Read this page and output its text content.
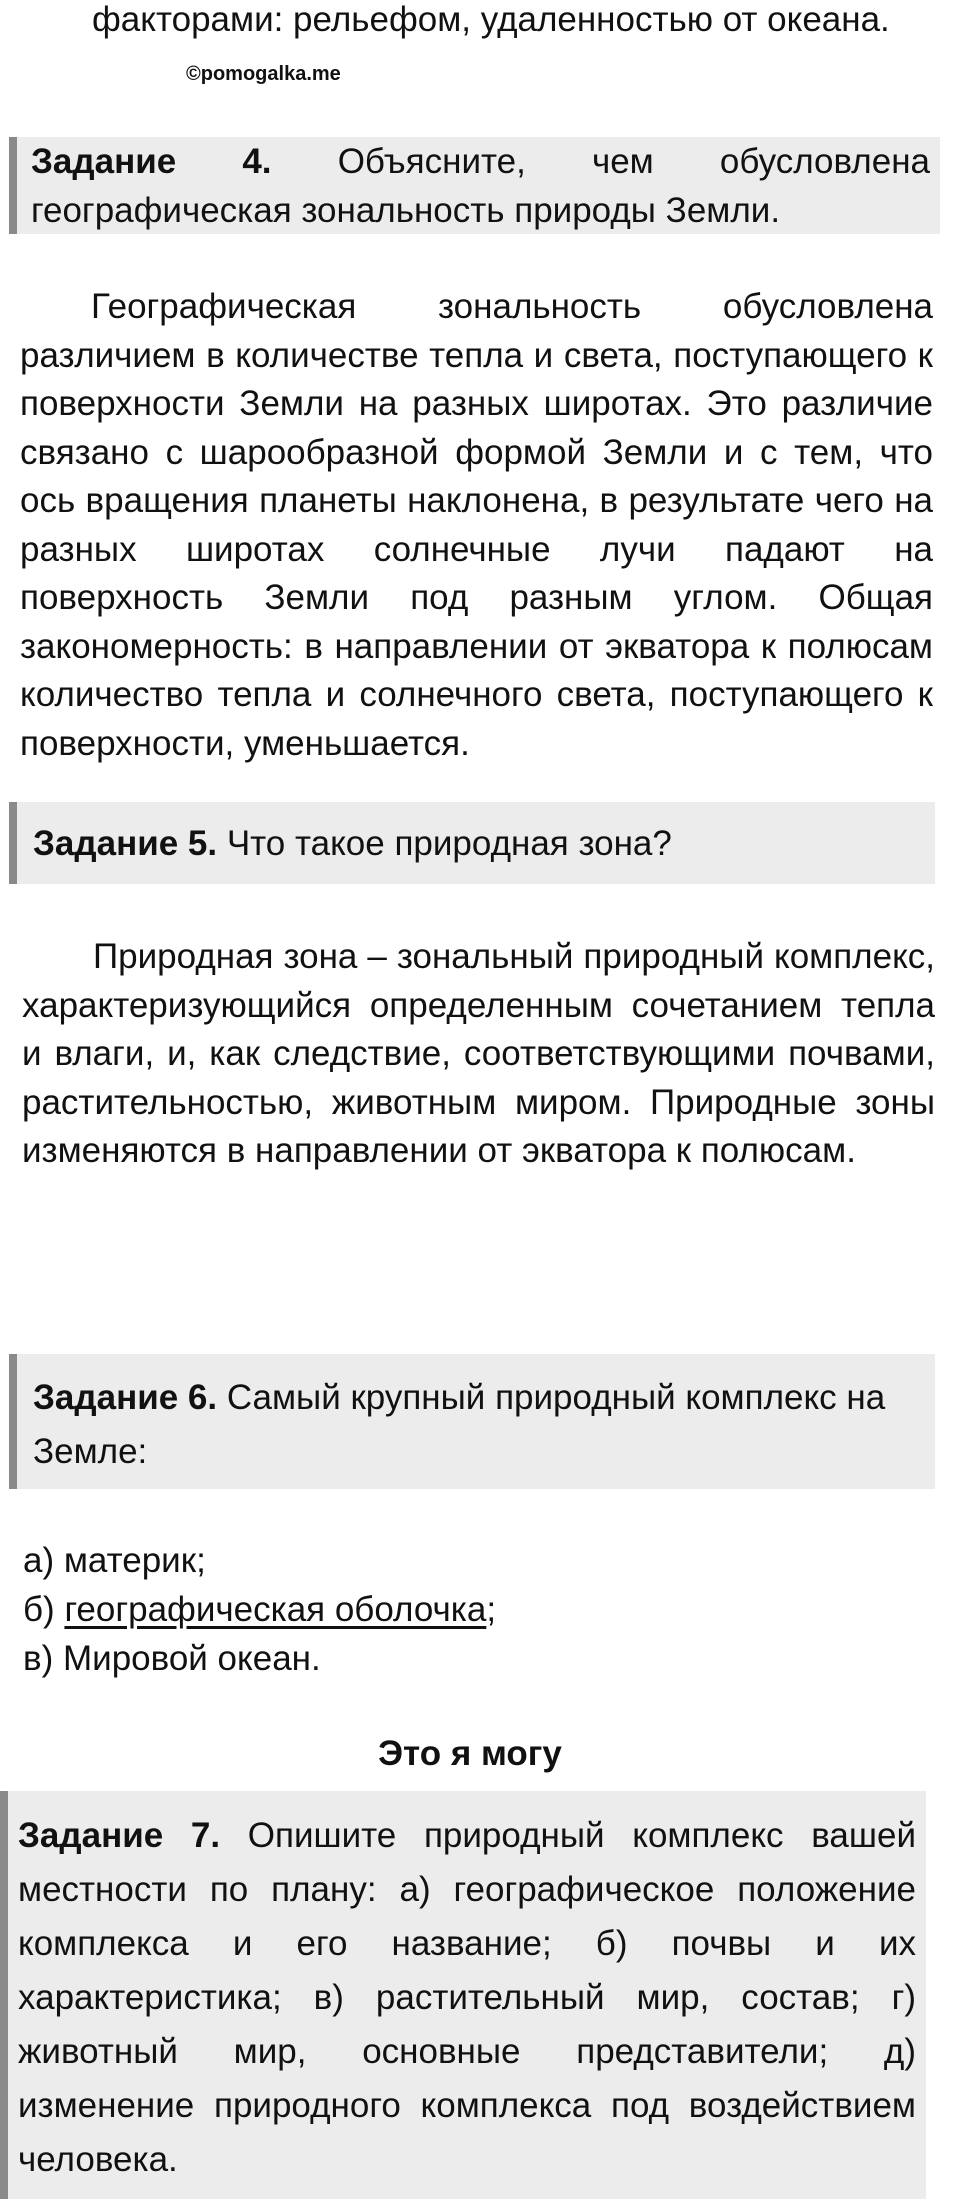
факторами: рельефом, удаленностью от океана.

©pomogalka.me

Задание 4. Объясните, чем обусловлена географическая зональность природы Земли.

Географическая зональность обусловлена различием в количестве тепла и света, поступающего к поверхности Земли на разных широтах. Это различие связано с шарообразной формой Земли и с тем, что ось вращения планеты наклонена, в результате чего на разных широтах солнечные лучи падают на поверхность Земли под разным углом. Общая закономерность: в направлении от экватора к полюсам количество тепла и солнечного света, поступающего к поверхности, уменьшается.

Задание 5. Что такое природная зона?

Природная зона – зональный природный комплекс, характеризующийся определенным сочетанием тепла и влаги, и, как следствие, соответствующими почвами, растительностью, животным миром. Природные зоны изменяются в направлении от экватора к полюсам.

Задание 6. Самый крупный природный комплекс на Земле:

а) материк;
б) географическая оболочка;
в) Мировой океан.
Это я могу

Задание 7. Опишите природный комплекс вашей местности по плану: а) географическое положение комплекса и его название; б) почвы и их характеристика; в) растительный мир, состав; г) животный мир, основные представители; д) изменение природного комплекса под воздействием человека.
